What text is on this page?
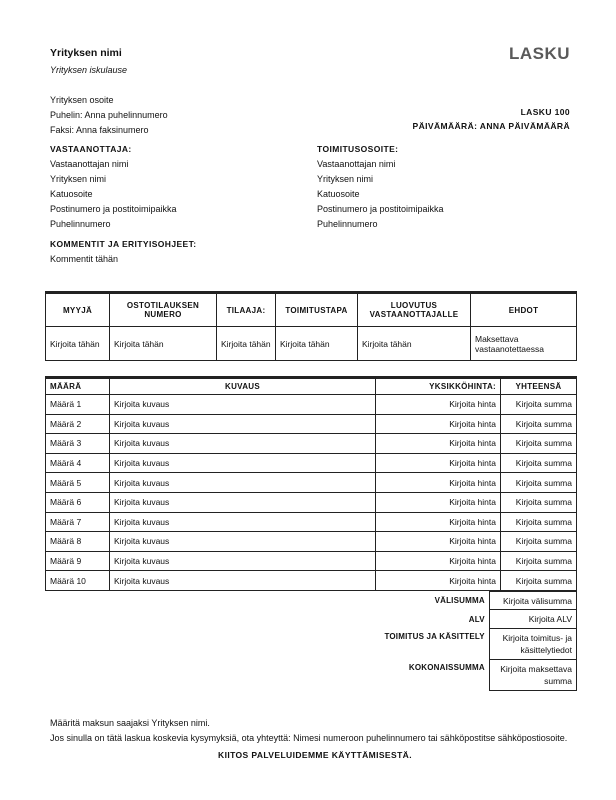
Yrityksen nimi
Yrityksen iskulause
LASKU
Yrityksen osoite
Puhelin: Anna puhelinnumero
Faksi: Anna faksinumero
LASKU 100
PÄIVÄMÄÄRÄ: ANNA PÄIVÄMÄÄRÄ
VASTAANOTTAJA:
Vastaanottajan nimi
Yrityksen nimi
Katuosoite
Postinumero ja postitoimipaikka
Puhelinnumero
TOIMITUSOSOITE:
Vastaanottajan nimi
Yrityksen nimi
Katuosoite
Postinumero ja postitoimipaikka
Puhelinnumero
KOMMENTIT JA ERITYISOHJEET:
Kommentit tähän
MYYJÄ	OSTOTILAUKSEN NUMERO	TILAAJA:	TOIMITUSTAPA	LUOVUTUS VASTAANOTTAJALLE	EHDOT
Kirjoita tähän	Kirjoita tähän	Kirjoita tähän	Kirjoita tähän	Kirjoita tähän	Maksettava vastaanotettaessa
MÄÄRÄ	KUVAUS	YKSIKKÖHINTA:	YHTEENSÄ
Määrä 1	Kirjoita kuvaus	Kirjoita hinta	Kirjoita summa
Määrä 2	Kirjoita kuvaus	Kirjoita hinta	Kirjoita summa
Määrä 3	Kirjoita kuvaus	Kirjoita hinta	Kirjoita summa
Määrä 4	Kirjoita kuvaus	Kirjoita hinta	Kirjoita summa
Määrä 5	Kirjoita kuvaus	Kirjoita hinta	Kirjoita summa
Määrä 6	Kirjoita kuvaus	Kirjoita hinta	Kirjoita summa
Määrä 7	Kirjoita kuvaus	Kirjoita hinta	Kirjoita summa
Määrä 8	Kirjoita kuvaus	Kirjoita hinta	Kirjoita summa
Määrä 9	Kirjoita kuvaus	Kirjoita hinta	Kirjoita summa
Määrä 10	Kirjoita kuvaus	Kirjoita hinta	Kirjoita summa
		VÄLISUMMA	Kirjoita välisumma
		ALV	Kirjoita ALV
		TOIMITUS JA KÄSITTELY	Kirjoita toimitus- ja käsittelytiedot
		KOKONAISSUMMA	Kirjoita maksettava summa
Määritä maksun saajaksi Yrityksen nimi.
Jos sinulla on tätä laskua koskevia kysymyksiä, ota yhteyttä: Nimesi numeroon puhelinnumero tai sähköpostitse sähköpostiosoite.
KIITOS PALVELUIDEMME KÄYTTÄMISESTÄ.
